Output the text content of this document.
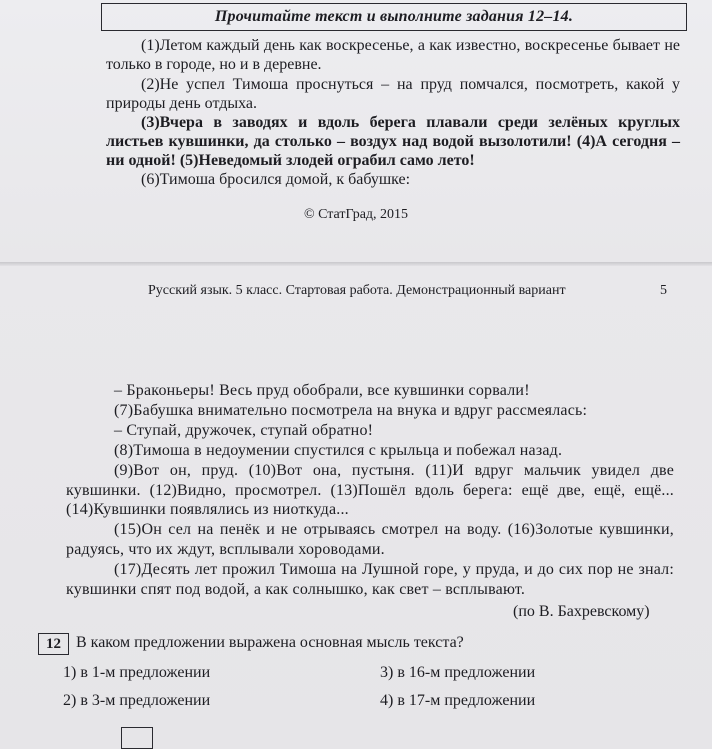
Прочитайте текст и выполните задания 12–14.
(1)Летом каждый день как воскресенье, а как известно, воскресенье бывает не только в городе, но и в деревне.
(2)Не успел Тимоша проснуться – на пруд помчался, посмотреть, какой у природы день отдыха.
(3)Вчера в заводях и вдоль берега плавали среди зелёных круглых листьев кувшинки, да столько – воздух над водой вызолотили! (4)А сегодня – ни одной! (5)Неведомый злодей ограбил само лето!
(6)Тимоша бросился домой, к бабушке:
© СтатГрад, 2015
Русский язык. 5 класс. Стартовая работа. Демонстрационный вариант	5
– Браконьеры! Весь пруд обобрали, все кувшинки сорвали!
(7)Бабушка внимательно посмотрела на внука и вдруг рассмеялась:
– Ступай, дружочек, ступай обратно!
(8)Тимоша в недоумении спустился с крыльца и побежал назад.
(9)Вот он, пруд. (10)Вот она, пустыня. (11)И вдруг мальчик увидел две кувшинки. (12)Видно, просмотрел. (13)Пошёл вдоль берега: ещё две, ещё, ещё... (14)Кувшинки появлялись из ниоткуда...
(15)Он сел на пенёк и не отрываясь смотрел на воду. (16)Золотые кувшинки, радуясь, что их ждут, всплывали хороводами.
(17)Десять лет прожил Тимоша на Лушной горе, у пруда, и до сих пор не знал: кувшинки спят под водой, а как солнышко, как свет – всплывают.
(по В. Бахревскому)
12 В каком предложении выражена основная мысль текста?
1) в 1-м предложении
2) в 3-м предложении
3) в 16-м предложении
4) в 17-м предложении
